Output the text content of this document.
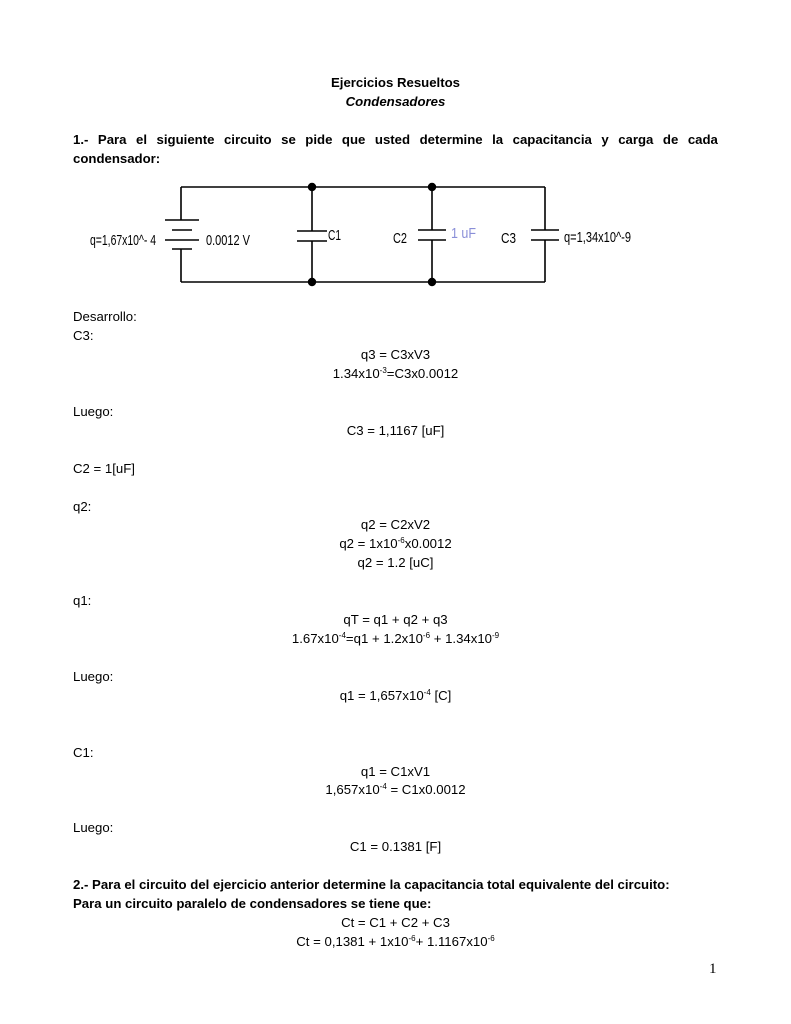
Ejercicios Resueltos
Condensadores
1.- Para el siguiente circuito se pide que usted determine la capacitancia y carga de cada
condensador:
q=1,67x10^- 4	0.0012 V	C1	C2	1 uF C3	q=1,34x10^-9
Desarrollo:
C3:
q3 = C3xV3
$1.34x10^{-3}=C3x0.0012$
Luego:
C3 = 1,1167 [uF]
C2 = 1[uF]
q2:
q2 = C2xV2
$q2 = 1x10^{-6}x0.0012$
q2 = 1.2 [uC]
q1:
qT = q1 + q2 + q3
$1.67x10^{-4}=q1 + 1.2x10^{-6} + 1.34x10^{-9}$
Luego:
$q1 = 1,657x10^{-4}$ [C]
C1:
q1 = C1xV1
$1,657x10^{-4} = C1x0.0012$
Luego:
C1 = 0.1381 [F]
2.- Para el circuito del ejercicio anterior determine la capacitancia total equivalente del circuito:
Para un circuito paralelo de condensadores se tiene que:
Ct = C1 + C2 + C3
$Ct = 0,1381 + 1x10^{-6}+ 1.1167x10^{-6}$
1
